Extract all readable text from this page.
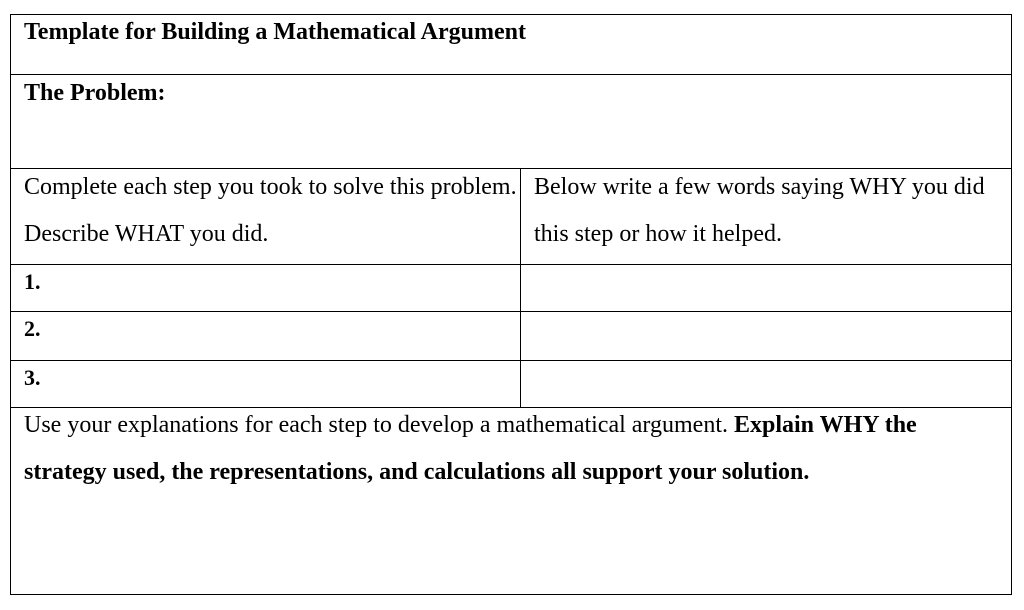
Template for Building a Mathematical Argument
The Problem:
Complete each step you took to solve this problem. Describe WHAT you did.
Below write a few words saying WHY you did this step or how it helped.
1.
2.
3.
Use your explanations for each step to develop a mathematical argument. Explain WHY the strategy used, the representations, and calculations all support your solution.
